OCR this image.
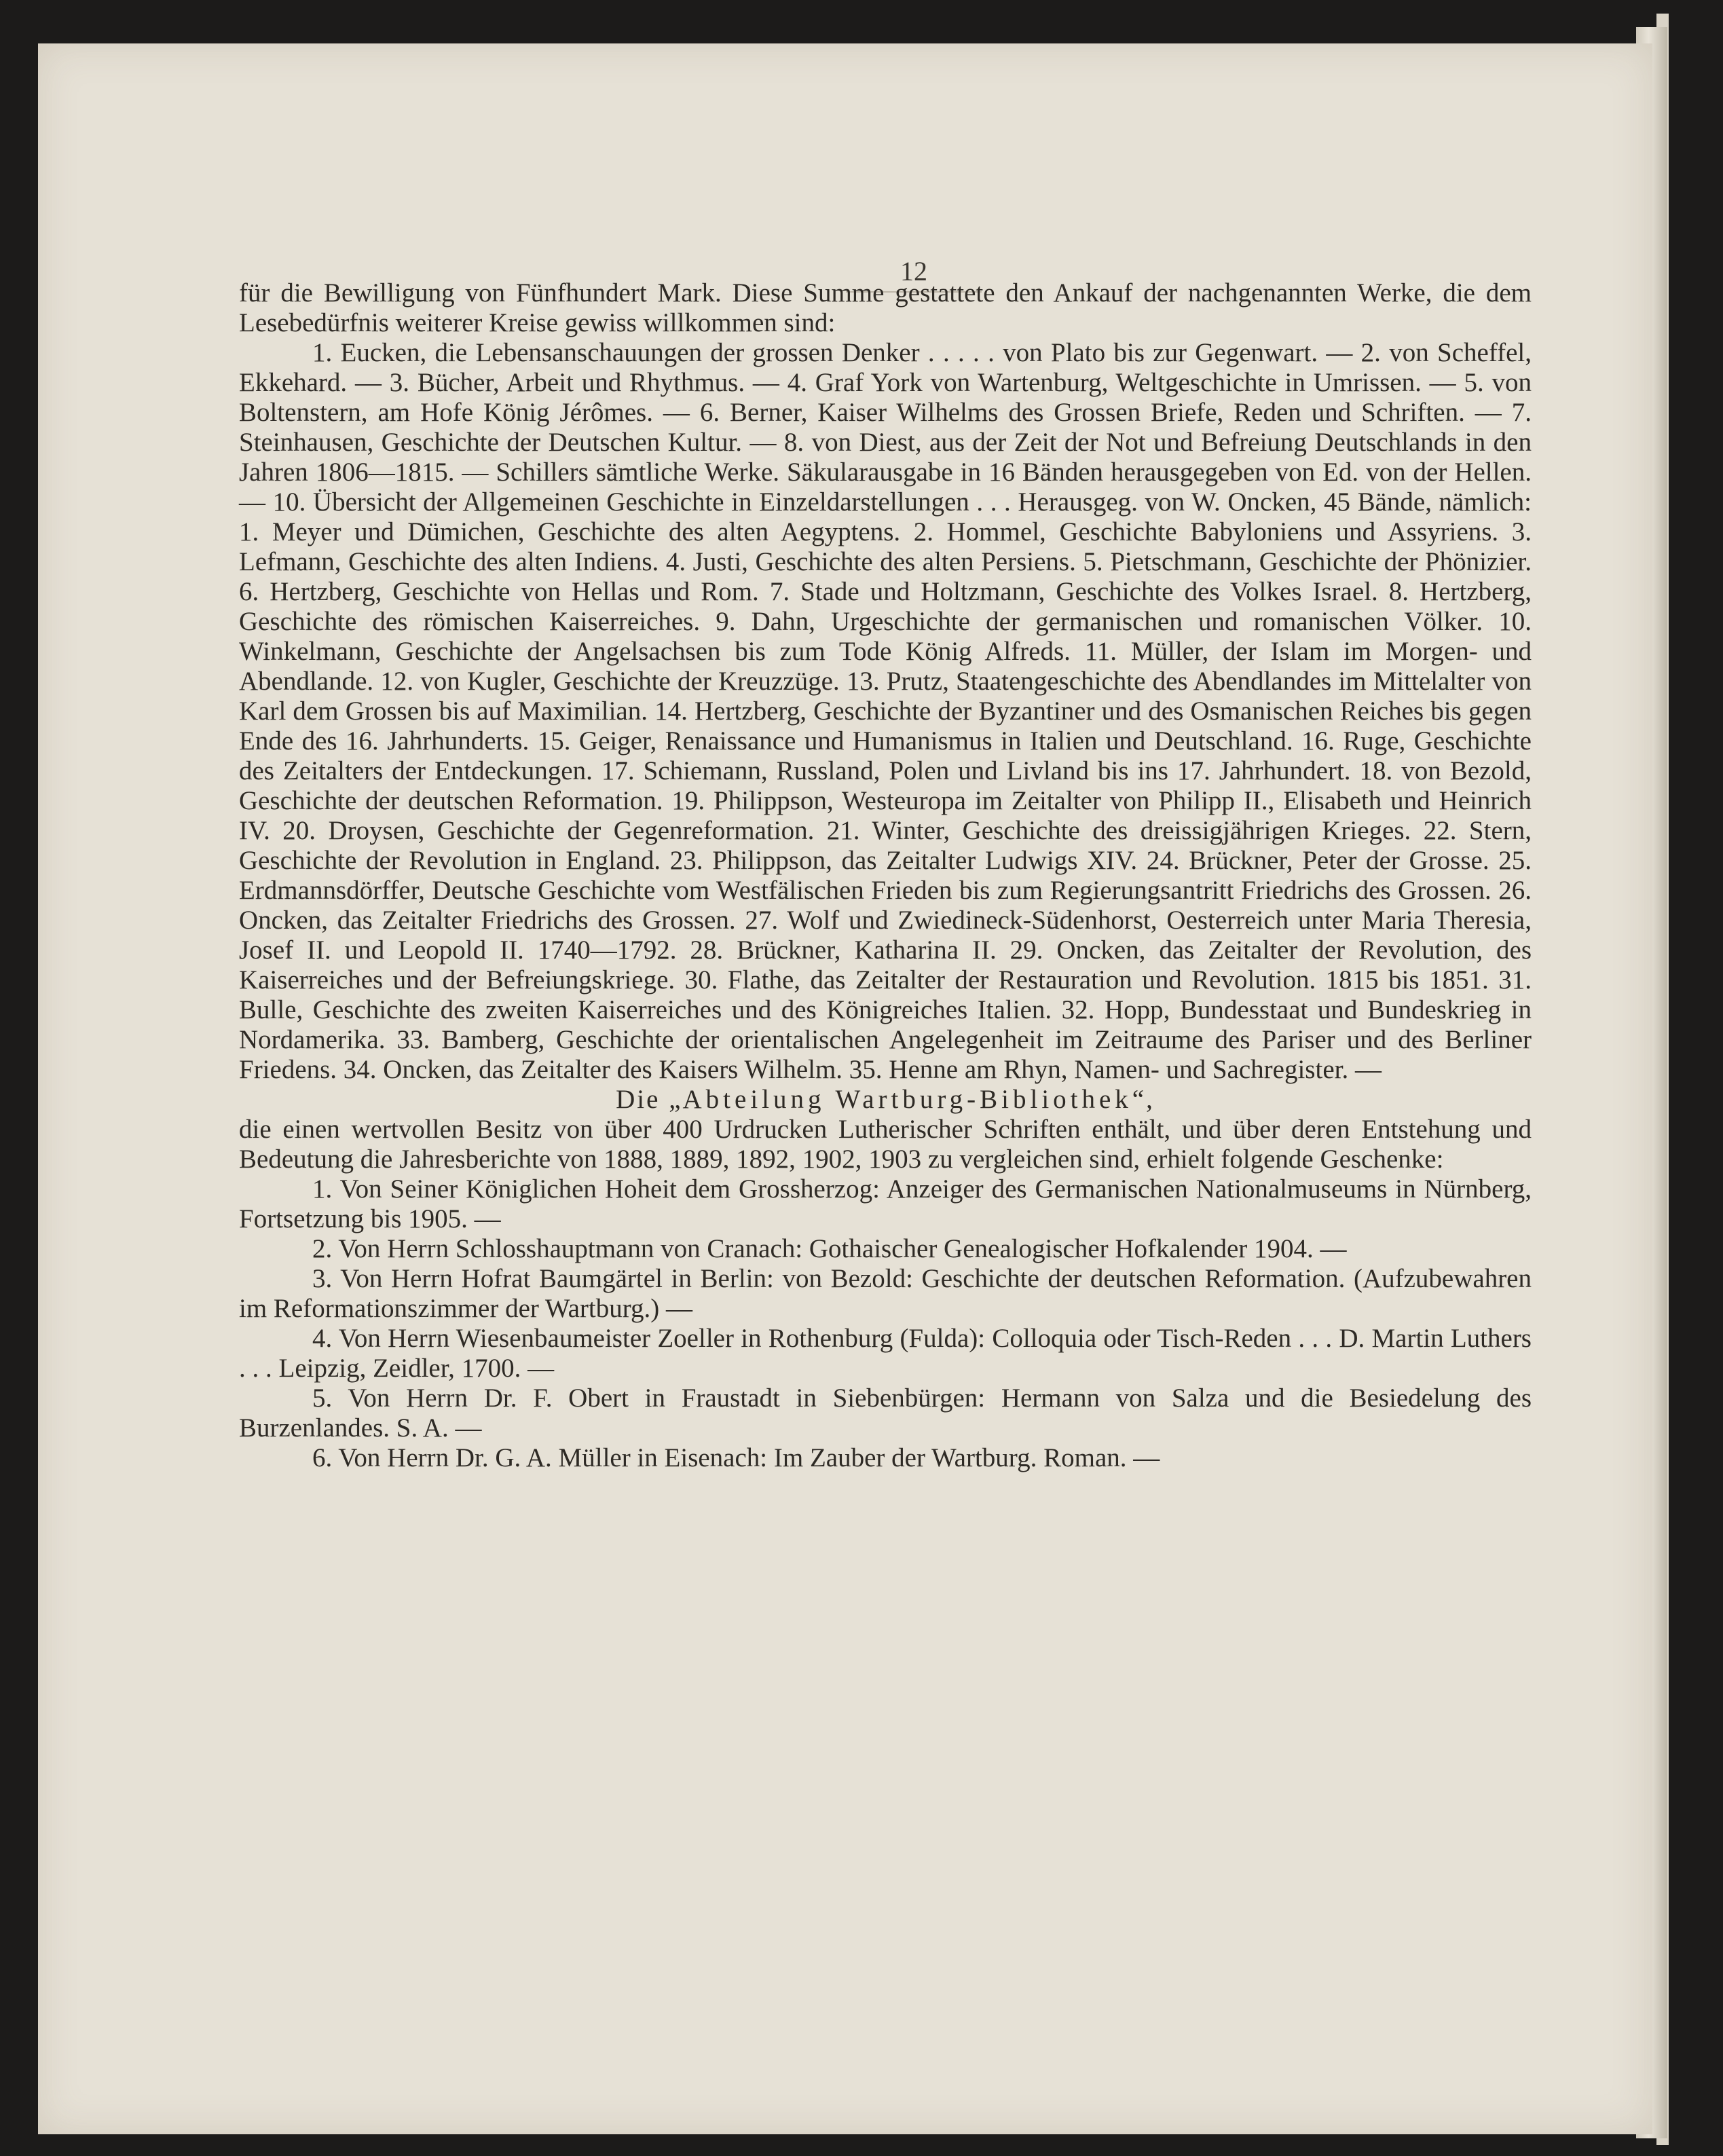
12

für die Bewilligung von Fünfhundert Mark. Diese Summe gestattete den Ankauf der nachgenannten Werke, die dem Lesebedürfnis weiterer Kreise gewiss willkommen sind:

1. Eucken, die Lebensanschauungen der grossen Denker . . . . . von Plato bis zur Gegenwart. — 2. von Scheffel, Ekkehard. — 3. Bücher, Arbeit und Rhythmus. — 4. Graf York von Wartenburg, Weltgeschichte in Umrissen. — 5. von Boltenstern, am Hofe König Jérômes. — 6. Berner, Kaiser Wilhelms des Grossen Briefe, Reden und Schriften. — 7. Steinhausen, Geschichte der Deutschen Kultur. — 8. von Diest, aus der Zeit der Not und Befreiung Deutschlands in den Jahren 1806—1815. — Schillers sämtliche Werke. Säkularausgabe in 16 Bänden herausgegeben von Ed. von der Hellen. — 10. Übersicht der Allgemeinen Geschichte in Einzeldarstellungen . . . Herausgeg. von W. Oncken, 45 Bände, nämlich: 1. Meyer und Dümichen, Geschichte des alten Aegyptens. 2. Hommel, Geschichte Babyloniens und Assyriens. 3. Lefmann, Geschichte des alten Indiens. 4. Justi, Geschichte des alten Persiens. 5. Pietschmann, Geschichte der Phönizier. 6. Hertzberg, Geschichte von Hellas und Rom. 7. Stade und Holtzmann, Geschichte des Volkes Israel. 8. Hertzberg, Geschichte des römischen Kaiserreiches. 9. Dahn, Urgeschichte der germanischen und romanischen Völker. 10. Winkelmann, Geschichte der Angelsachsen bis zum Tode König Alfreds. 11. Müller, der Islam im Morgen- und Abendlande. 12. von Kugler, Geschichte der Kreuzzüge. 13. Prutz, Staatengeschichte des Abendlandes im Mittelalter von Karl dem Grossen bis auf Maximilian. 14. Hertzberg, Geschichte der Byzantiner und des Osmanischen Reiches bis gegen Ende des 16. Jahrhunderts. 15. Geiger, Renaissance und Humanismus in Italien und Deutschland. 16. Ruge, Geschichte des Zeitalters der Entdeckungen. 17. Schiemann, Russland, Polen und Livland bis ins 17. Jahrhundert. 18. von Bezold, Geschichte der deutschen Reformation. 19. Philippson, Westeuropa im Zeitalter von Philipp II., Elisabeth und Heinrich IV. 20. Droysen, Geschichte der Gegenreformation. 21. Winter, Geschichte des dreissigjährigen Krieges. 22. Stern, Geschichte der Revolution in England. 23. Philippson, das Zeitalter Ludwigs XIV. 24. Brückner, Peter der Grosse. 25. Erdmannsdörffer, Deutsche Geschichte vom Westfälischen Frieden bis zum Regierungsantritt Friedrichs des Grossen. 26. Oncken, das Zeitalter Friedrichs des Grossen. 27. Wolf und Zwiedineck-Südenhorst, Oesterreich unter Maria Theresia, Josef II. und Leopold II. 1740—1792. 28. Brückner, Katharina II. 29. Oncken, das Zeitalter der Revolution, des Kaiserreiches und der Befreiungskriege. 30. Flathe, das Zeitalter der Restauration und Revolution. 1815 bis 1851. 31. Bulle, Geschichte des zweiten Kaiserreiches und des Königreiches Italien. 32. Hopp, Bundesstaat und Bundeskrieg in Nordamerika. 33. Bamberg, Geschichte der orientalischen Angelegenheit im Zeitraume des Pariser und des Berliner Friedens. 34. Oncken, das Zeitalter des Kaisers Wilhelm. 35. Henne am Rhyn, Namen- und Sachregister. —

Die „Abteilung Wartburg-Bibliothek“,

die einen wertvollen Besitz von über 400 Urdrucken Lutherischer Schriften enthält, und über deren Entstehung und Bedeutung die Jahresberichte von 1888, 1889, 1892, 1902, 1903 zu vergleichen sind, erhielt folgende Geschenke:

1. Von Seiner Königlichen Hoheit dem Grossherzog: Anzeiger des Germanischen Nationalmuseums in Nürnberg, Fortsetzung bis 1905. —

2. Von Herrn Schlosshauptmann von Cranach: Gothaischer Genealogischer Hofkalender 1904. —

3. Von Herrn Hofrat Baumgärtel in Berlin: von Bezold: Geschichte der deutschen Reformation. (Aufzubewahren im Reformationszimmer der Wartburg.) —

4. Von Herrn Wiesenbaumeister Zoeller in Rothenburg (Fulda): Colloquia oder Tisch-Reden . . . D. Martin Luthers . . . Leipzig, Zeidler, 1700. —

5. Von Herrn Dr. F. Obert in Fraustadt in Siebenbürgen: Hermann von Salza und die Besiedelung des Burzenlandes. S. A. —

6. Von Herrn Dr. G. A. Müller in Eisenach: Im Zauber der Wartburg. Roman. —
